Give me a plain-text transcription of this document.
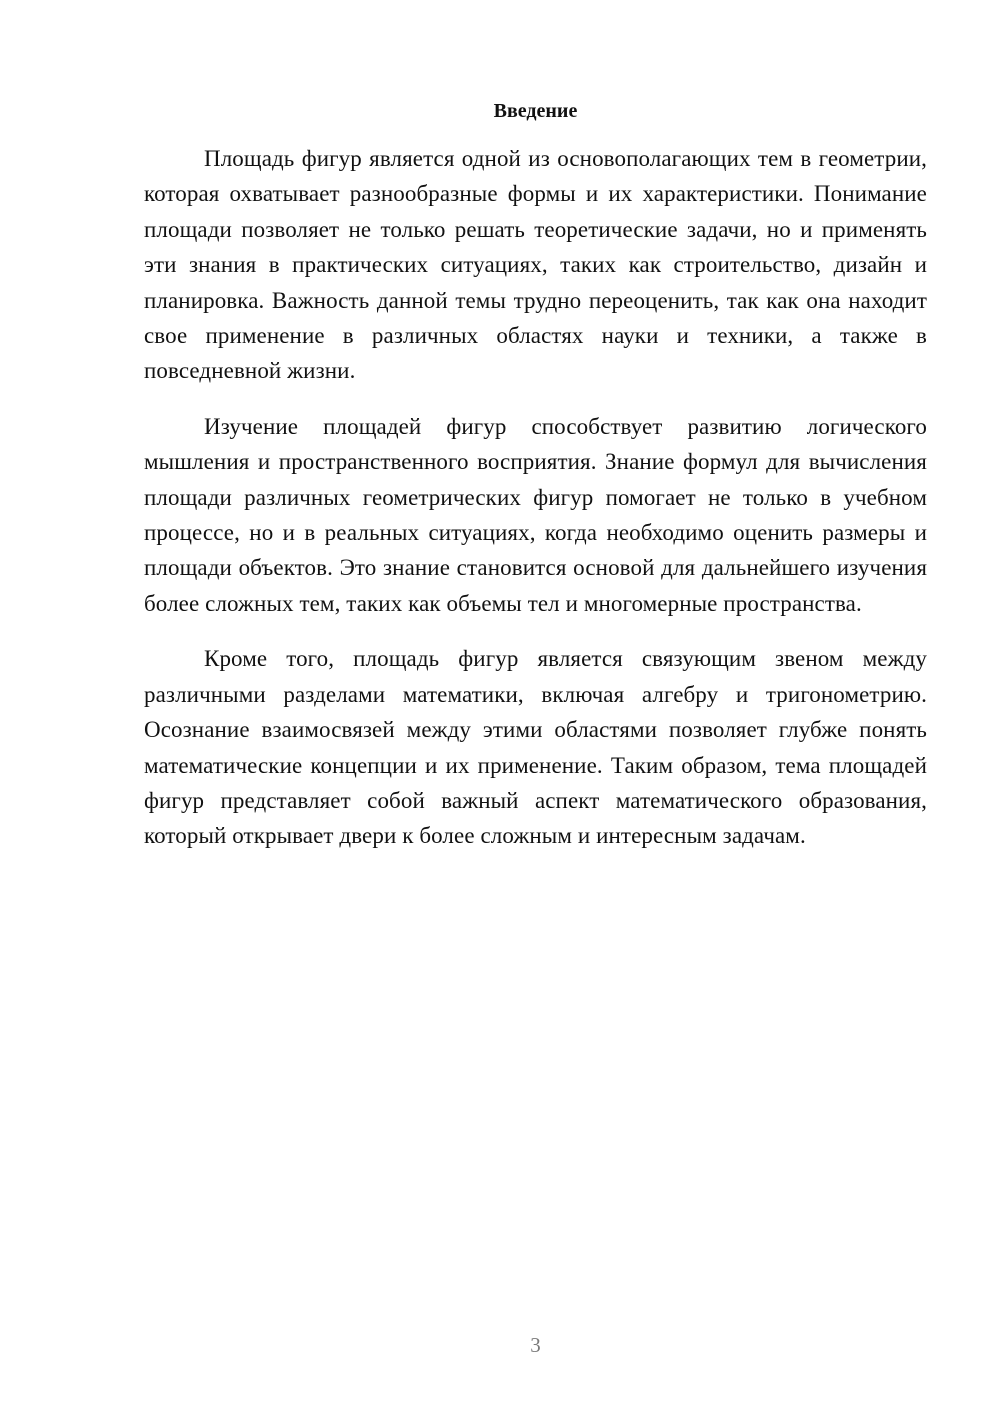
Введение

Площадь фигур является одной из основополагающих тем в геометрии, которая охватывает разнообразные формы и их характеристики. Понимание площади позволяет не только решать теоретические задачи, но и применять эти знания в практических ситуациях, таких как строительство, дизайн и планировка. Важность данной темы трудно переоценить, так как она находит свое применение в различных областях науки и техники, а также в повседневной жизни.

Изучение площадей фигур способствует развитию логического мышления и пространственного восприятия. Знание формул для вычисления площади различных геометрических фигур помогает не только в учебном процессе, но и в реальных ситуациях, когда необходимо оценить размеры и площади объектов. Это знание становится основой для дальнейшего изучения более сложных тем, таких как объемы тел и многомерные пространства.

Кроме того, площадь фигур является связующим звеном между различными разделами математики, включая алгебру и тригонометрию. Осознание взаимосвязей между этими областями позволяет глубже понять математические концепции и их применение. Таким образом, тема площадей фигур представляет собой важный аспект математического образования, который открывает двери к более сложным и интересным задачам.

3
